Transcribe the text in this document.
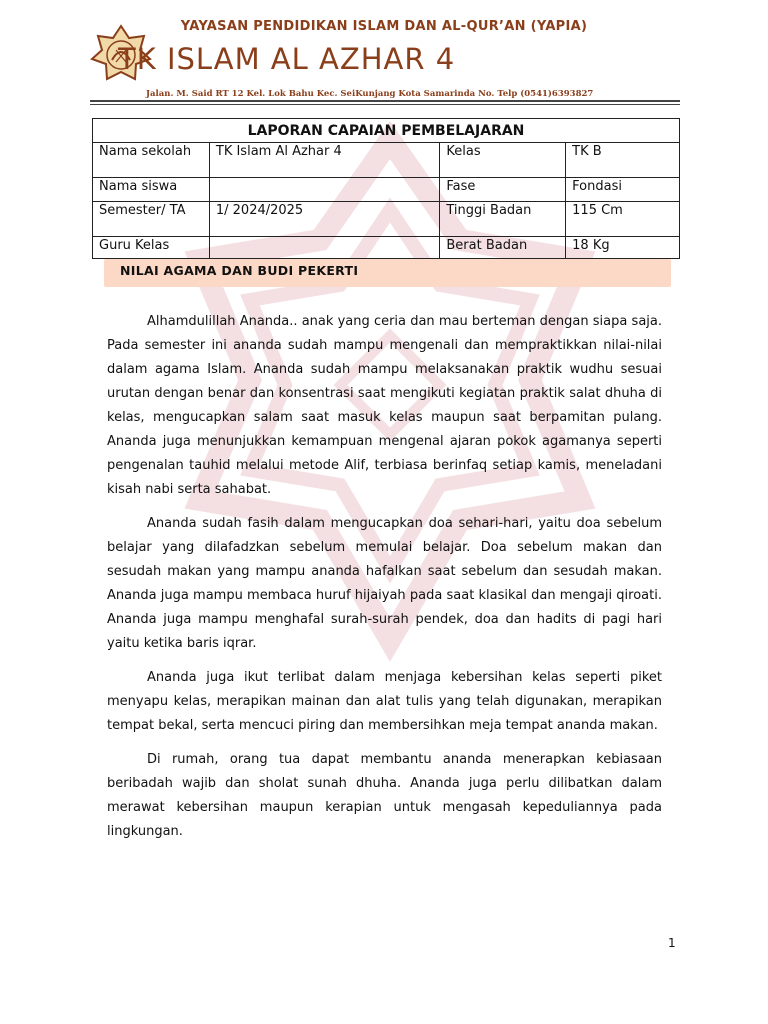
YAYASAN PENDIDIKAN ISLAM DAN AL-QUR’AN (YAPIA)
TK ISLAM AL AZHAR 4
Jalan. M. Said RT 12 Kel. Lok Bahu Kec. SeiKunjang Kota Samarinda No. Telp (0541)6393827
LAPORAN CAPAIAN PEMBELAJARAN			
Nama sekolah	TK Islam Al Azhar 4	Kelas	TK B
Nama siswa		Fase	Fondasi
Semester/ TA	1/ 2024/2025	Tinggi Badan	115 Cm
Guru Kelas		Berat Badan	18 Kg
NILAI AGAMA DAN BUDI PEKERTI

Alhamdulillah Ananda.. anak yang ceria dan mau berteman dengan siapa saja. Pada semester ini ananda sudah mampu mengenali dan mempraktikkan nilai-nilai dalam agama Islam. Ananda sudah mampu melaksanakan praktik wudhu sesuai urutan dengan benar dan konsentrasi saat mengikuti kegiatan praktik salat dhuha di kelas, mengucapkan salam saat masuk kelas maupun saat berpamitan pulang. Ananda juga menunjukkan kemampuan mengenal ajaran pokok agamanya seperti pengenalan tauhid melalui metode Alif, terbiasa berinfaq setiap kamis, meneladani kisah nabi serta sahabat.

Ananda sudah fasih dalam mengucapkan doa sehari-hari, yaitu doa sebelum belajar yang dilafadzkan sebelum memulai belajar. Doa sebelum makan dan sesudah makan yang mampu ananda hafalkan saat sebelum dan sesudah makan. Ananda juga mampu membaca huruf hijaiyah pada saat klasikal dan mengaji qiroati. Ananda juga mampu menghafal surah-surah pendek, doa dan hadits di pagi hari yaitu ketika baris iqrar.

Ananda juga ikut terlibat dalam menjaga kebersihan kelas seperti piket menyapu kelas, merapikan mainan dan alat tulis yang telah digunakan, merapikan tempat bekal, serta mencuci piring dan membersihkan meja tempat ananda makan.

Di rumah, orang tua dapat membantu ananda menerapkan kebiasaan beribadah wajib dan sholat sunah dhuha. Ananda juga perlu dilibatkan dalam merawat kebersihan maupun kerapian untuk mengasah kepeduliannya pada lingkungan.

1
